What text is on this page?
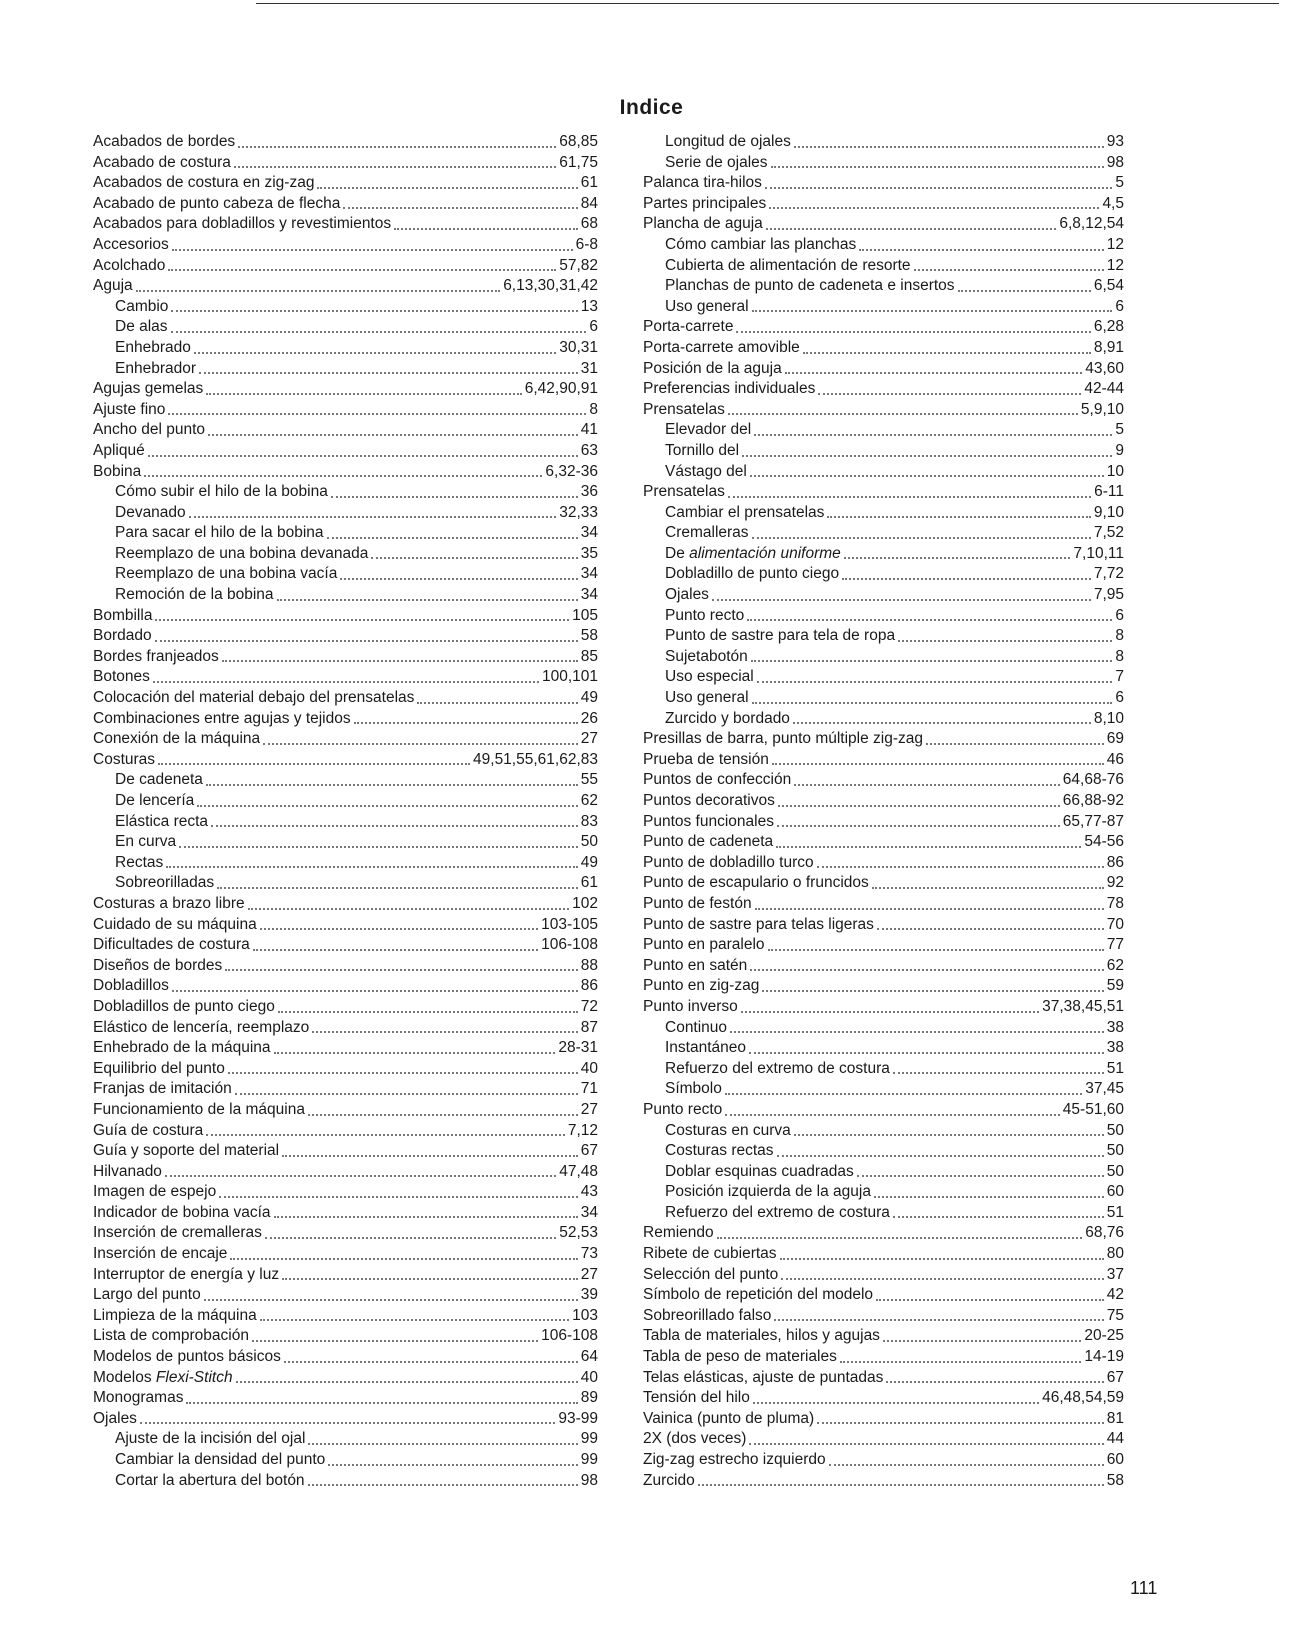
Indice
Acabados de bordes	68,85
Acabado de costura	61,75
Acabados de costura en zig-zag	61
Acabado de punto cabeza de flecha	84
Acabados para dobladillos y revestimientos	68
Accesorios	6-8
Acolchado	57,82
Aguja	6,13,30,31,42
Cambio	13
De alas	6
Enhebrado	30,31
Enhebrador	31
Agujas gemelas	6,42,90,91
Ajuste fino	8
Ancho del punto	41
Apliqué	63
Bobina	6,32-36
Cómo subir el hilo de la bobina	36
Devanado	32,33
Para sacar el hilo de la bobina	34
Reemplazo de una bobina devanada	35
Reemplazo de una bobina vacía	34
Remoción de la bobina	34
Bombilla	105
Bordado	58
Bordes franjeados	85
Botones	100,101
Colocación del material debajo del prensatelas	49
Combinaciones entre agujas y tejidos	26
Conexión de la máquina	27
Costuras	49,51,55,61,62,83
De cadeneta	55
De lencería	62
Elástica recta	83
En curva	50
Rectas	49
Sobreorilladas	61
Costuras a brazo libre	102
Cuidado de su máquina	103-105
Dificultades de costura	106-108
Diseños de bordes	88
Dobladillos	86
Dobladillos de punto ciego	72
Elástico de lencería, reemplazo	87
Enhebrado de la máquina	28-31
Equilibrio del punto	40
Franjas de imitación	71
Funcionamiento de la máquina	27
Guía de costura	7,12
Guía y soporte del material	67
Hilvanado	47,48
Imagen de espejo	43
Indicador de bobina vacía	34
Inserción de cremalleras	52,53
Inserción de encaje	73
Interruptor de energía y luz	27
Largo del punto	39
Limpieza de la máquina	103
Lista de comprobación	106-108
Modelos de puntos básicos	64
Modelos Flexi-Stitch	40
Monogramas	89
Ojales	93-99
Ajuste de la incisión del ojal	99
Cambiar la densidad del punto	99
Cortar la abertura del botón	98
Longitud de ojales	93
Serie de ojales	98
Palanca tira-hilos	5
Partes principales	4,5
Plancha de aguja	6,8,12,54
Cómo cambiar las planchas	12
Cubierta de alimentación de resorte	12
Planchas de punto de cadeneta e insertos	6,54
Uso general	6
Porta-carrete	6,28
Porta-carrete amovible	8,91
Posición de la aguja	43,60
Preferencias individuales	42-44
Prensatelas	5,9,10
Elevador del	5
Tornillo del	9
Vástago del	10
Prensatelas	6-11
Cambiar el prensatelas	9,10
Cremalleras	7,52
De alimentación uniforme	7,10,11
Dobladillo de punto ciego	7,72
Ojales	7,95
Punto recto	6
Punto de sastre para tela de ropa	8
Sujetabotón	8
Uso especial	7
Uso general	6
Zurcido y bordado	8,10
Presillas de barra, punto múltiple zig-zag	69
Prueba de tensión	46
Puntos de confección	64,68-76
Puntos decorativos	66,88-92
Puntos funcionales	65,77-87
Punto de cadeneta	54-56
Punto de dobladillo turco	86
Punto de escapulario o fruncidos	92
Punto de festón	78
Punto de sastre para telas ligeras	70
Punto en paralelo	77
Punto en satén	62
Punto en zig-zag	59
Punto inverso	37,38,45,51
Continuo	38
Instantáneo	38
Refuerzo del extremo de costura	51
Símbolo	37,45
Punto recto	45-51,60
Costuras en curva	50
Costuras rectas	50
Doblar esquinas cuadradas	50
Posición izquierda de la aguja	60
Refuerzo del extremo de costura	51
Remiendo	68,76
Ribete de cubiertas	80
Selección del punto	37
Símbolo de repetición del modelo	42
Sobreorillado falso	75
Tabla de materiales, hilos y agujas	20-25
Tabla de peso de materiales	14-19
Telas elásticas, ajuste de puntadas	67
Tensión del hilo	46,48,54,59
Vainica (punto de pluma)	81
2X (dos veces)	44
Zig-zag estrecho izquierdo	60
Zurcido	58
111
